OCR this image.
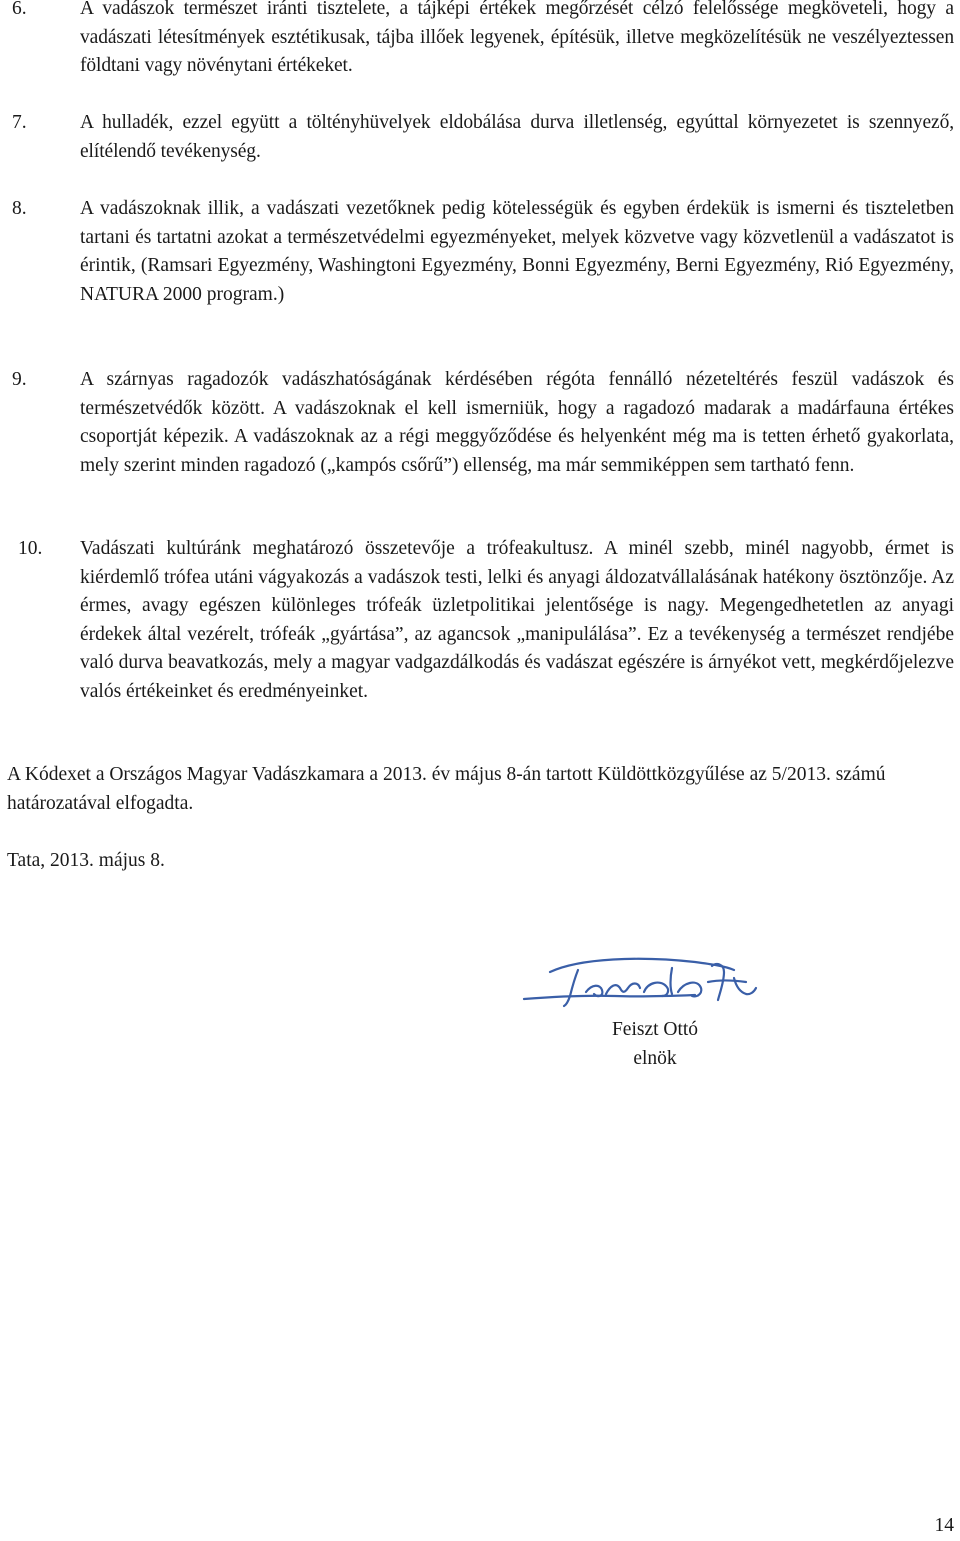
6.	A vadászok természet iránti tisztelete, a tájképi értékek megőrzését célzó felelőssége megköveteli, hogy a vadászati létesítmények esztétikusak, tájba illőek legyenek, építésük, illetve megközelítésük ne veszélyeztessen földtani vagy növénytani értékeket.
7.	A hulladék, ezzel együtt a töltényhüvelyek eldobálása durva illetlenség, egyúttal környezetet is szennyező, elítélendő tevékenység.
8.	A vadászoknak illik, a vadászati vezetőknek pedig kötelességük és egyben érdekük is ismerni és tiszteletben tartani és tartatni azokat a természetvédelmi egyezményeket, melyek közvetve vagy közvetlenül a vadászatot is érintik, (Ramsari Egyezmény, Washingtoni Egyezmény, Bonni Egyezmény, Berni Egyezmény, Rió Egyezmény, NATURA 2000 program.)
9.	A szárnyas ragadozók vadászhatóságának kérdésében régóta fennálló nézeteltérés feszül vadászok és természetvédők között. A vadászoknak el kell ismerniük, hogy a ragadozó madarak a madárfauna értékes csoportját képezik. A vadászoknak az a régi meggyőződése és helyenként még ma is tetten érhető gyakorlata, mely szerint minden ragadozó („kampós csőrű”) ellenség, ma már semmiképpen sem tartható fenn.
10.	Vadászati kultúránk meghatározó összetevője a trófeakultusz. A minél szebb, minél nagyobb, érmet is kiérdemlő trófea utáni vágyakozás a vadászok testi, lelki és anyagi áldozatvállalásának hatékony ösztönzője. Az érmes, avagy egészen különleges trófeák üzletpolitikai jelentősége is nagy. Megengedhetetlen az anyagi érdekek által vezérelt, trófeák „gyártása”, az agancsok „manipulálása”. Ez a tevékenység a természet rendjébe való durva beavatkozás, mely a magyar vadgazdálkodás és vadászat egészére is árnyékot vett, megkérdőjelezve valós értékeinket és eredményeinket.
A Kódexet a Országos Magyar Vadászkamara a 2013. év május 8-án tartott Küldöttközgyűlése az 5/2013. számú határozatával elfogadta.
Tata, 2013. május 8.
Feiszt Ottó
elnök
14
